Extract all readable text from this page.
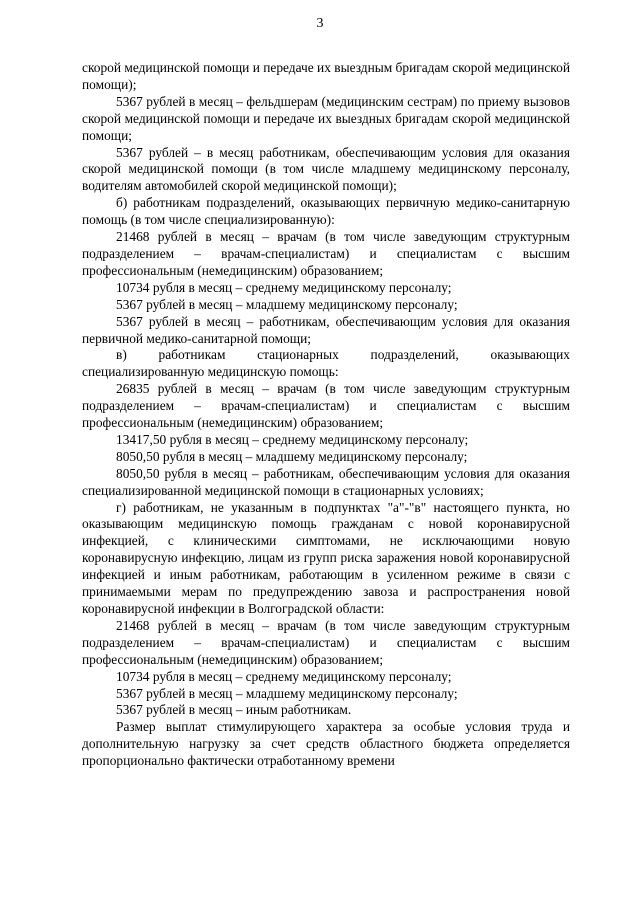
3

скорой медицинской помощи и передаче их выездным бригадам скорой медицинской помощи);

5367 рублей в месяц – фельдшерам (медицинским сестрам) по приему вызовов скорой медицинской помощи и передаче их выездных бригадам скорой медицинской помощи;

5367 рублей – в месяц работникам, обеспечивающим условия для оказания скорой медицинской помощи (в том числе младшему медицинскому персоналу, водителям автомобилей скорой медицинской помощи);

б) работникам подразделений, оказывающих первичную медико-санитарную помощь (в том числе специализированную):

21468 рублей в месяц – врачам (в том числе заведующим структурным подразделением – врачам-специалистам) и специалистам с высшим профессиональным (немедицинским) образованием;

10734 рубля в месяц – среднему медицинскому персоналу;

5367 рублей в месяц – младшему медицинскому персоналу;

5367 рублей в месяц – работникам, обеспечивающим условия для оказания первичной медико-санитарной помощи;

в) работникам стационарных подразделений, оказывающих специализированную медицинскую помощь:

26835 рублей в месяц – врачам (в том числе заведующим структурным подразделением – врачам-специалистам) и специалистам с высшим профессиональным (немедицинским) образованием;

13417,50 рубля в месяц – среднему медицинскому персоналу;

8050,50 рубля в месяц – младшему медицинскому персоналу;

8050,50 рубля в месяц – работникам, обеспечивающим условия для оказания специализированной медицинской помощи в стационарных условиях;

г) работникам, не указанным в подпунктах "а"-"в" настоящего пункта, но оказывающим медицинскую помощь гражданам с новой коронавирусной инфекцией, с клиническими симптомами, не исключающими новую коронавирусную инфекцию, лицам из групп риска заражения новой коронавирусной инфекцией и иным работникам, работающим в усиленном режиме в связи с принимаемыми мерам по предупреждению завоза и распространения новой коронавирусной инфекции в Волгоградской области:

21468 рублей в месяц – врачам (в том числе заведующим структурным подразделением – врачам-специалистам) и специалистам с высшим профессиональным (немедицинским) образованием;

10734 рубля в месяц – среднему медицинскому персоналу;

5367 рублей в месяц – младшему медицинскому персоналу;

5367 рублей в месяц – иным работникам.

Размер выплат стимулирующего характера за особые условия труда и дополнительную нагрузку за счет средств областного бюджета определяется пропорционально фактически отработанному времени
